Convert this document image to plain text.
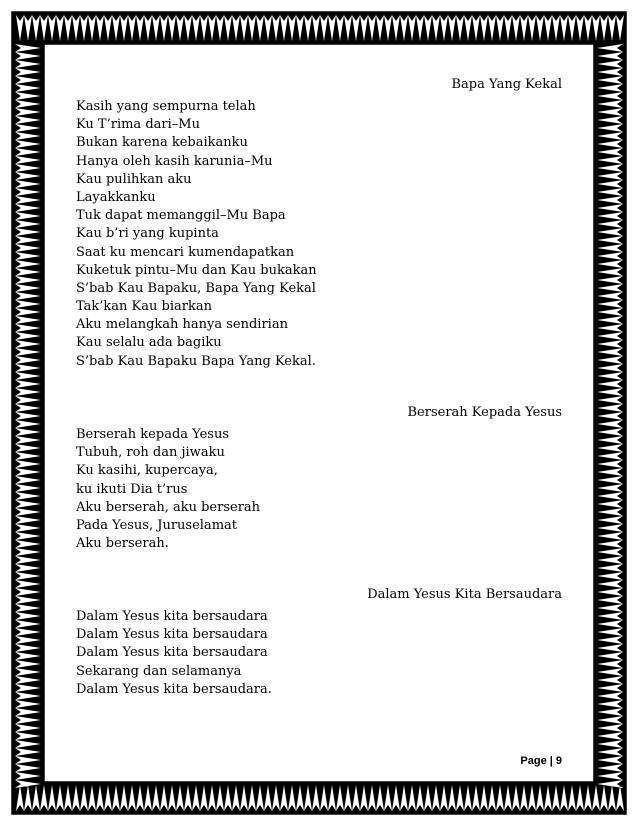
Bapa Yang Kekal
Kasih yang sempurna telah
Ku T’rima dari–Mu
Bukan karena kebaikanku
Hanya oleh kasih karunia–Mu
Kau pulihkan aku
Layakkanku
Tuk dapat memanggil–Mu Bapa
Kau b’ri yang kupinta
Saat ku mencari kumendapatkan
Kuketuk pintu–Mu dan Kau bukakan
S’bab Kau Bapaku, Bapa Yang Kekal
Tak’kan Kau biarkan
Aku melangkah hanya sendirian
Kau selalu ada bagiku
S’bab Kau Bapaku Bapa Yang Kekal.
Berserah Kepada Yesus
Berserah kepada Yesus
Tubuh, roh dan jiwaku
Ku kasihi, kupercaya,
ku ikuti Dia t’rus
Aku berserah, aku berserah
Pada Yesus, Juruselamat
Aku berserah.
Dalam Yesus Kita Bersaudara
Dalam Yesus kita bersaudara
Dalam Yesus kita bersaudara
Dalam Yesus kita bersaudara
Sekarang dan selamanya
Dalam Yesus kita bersaudara.
Page | 9
